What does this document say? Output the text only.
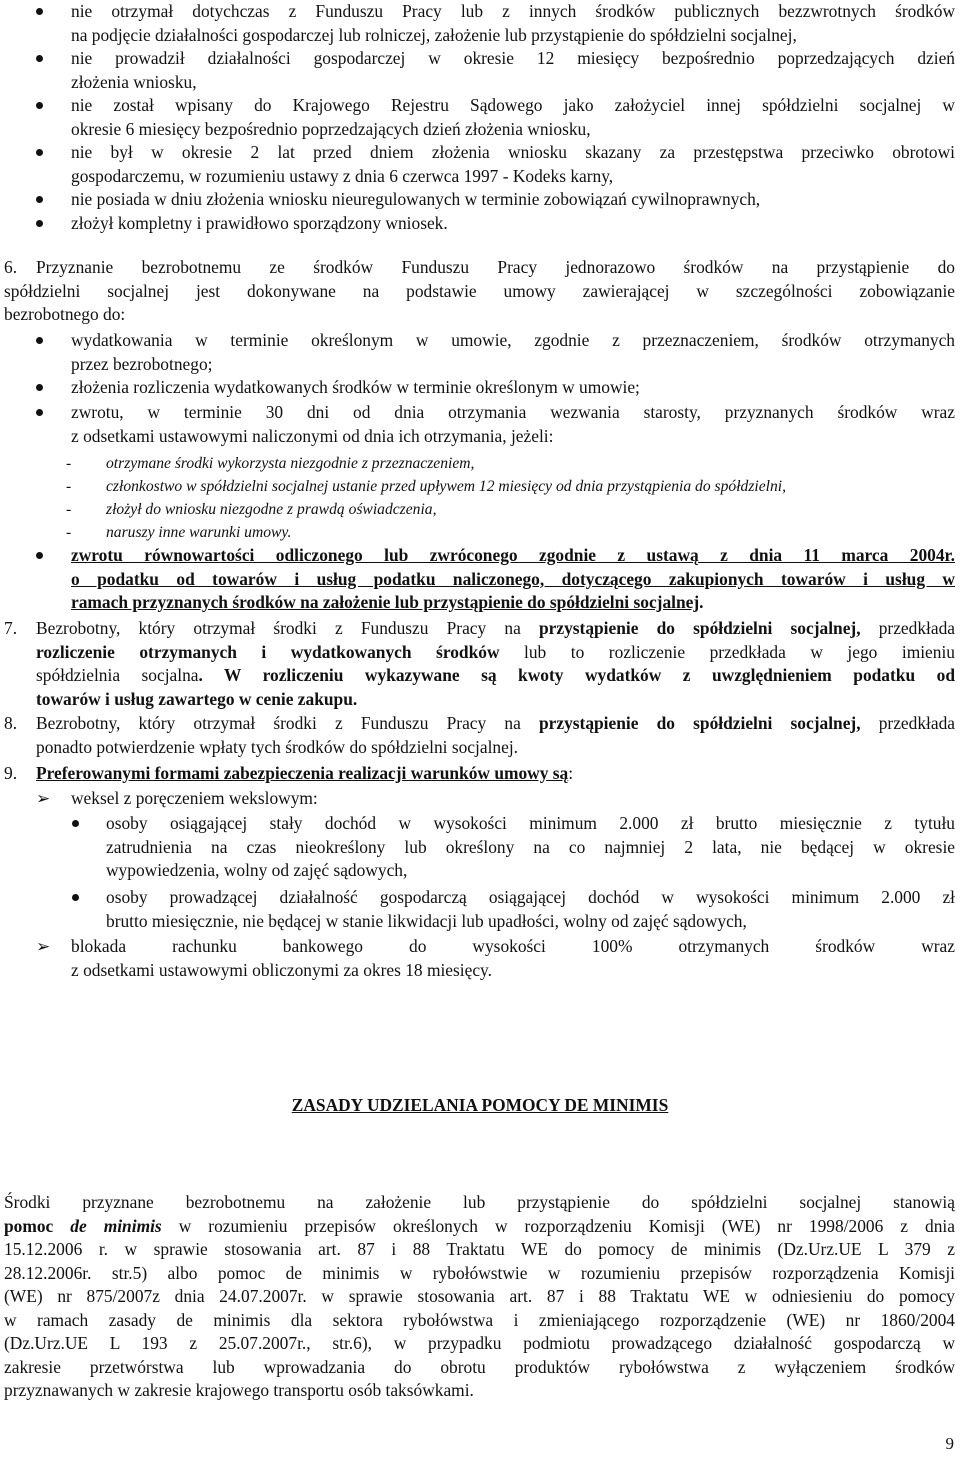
nie otrzymał dotychczas z Funduszu Pracy lub z innych środków publicznych bezzwrotnych środków
na podjęcie działalności gospodarczej lub rolniczej, założenie lub przystąpienie do spółdzielni socjalnej,
nie prowadził działalności gospodarczej w okresie 12 miesięcy bezpośrednio poprzedzających dzień
złożenia wniosku,
nie został wpisany do Krajowego Rejestru Sądowego jako założyciel innej spółdzielni socjalnej w
okresie 6 miesięcy bezpośrednio poprzedzających dzień złożenia wniosku,
nie był w okresie 2 lat przed dniem złożenia wniosku skazany za przestępstwa przeciwko obrotowi
gospodarczemu, w rozumieniu ustawy z dnia 6 czerwca 1997 - Kodeks karny,
nie posiada w dniu złożenia wniosku nieuregulowanych w terminie zobowiązań cywilnoprawnych,
złożył kompletny i prawidłowo sporządzony wniosek.
6. Przyznanie bezrobotnemu ze środków Funduszu Pracy jednorazowo środków na przystąpienie do
spółdzielni socjalnej jest dokonywane na podstawie umowy zawierającej w szczególności zobowiązanie
bezrobotnego do:
wydatkowania w terminie określonym w umowie, zgodnie z przeznaczeniem, środków otrzymanych
przez bezrobotnego;
złożenia rozliczenia wydatkowanych środków w terminie określonym w umowie;
zwrotu, w terminie 30 dni od dnia otrzymania wezwania starosty, przyznanych środków wraz
z odsetkami ustawowymi naliczonymi od dnia ich otrzymania, jeżeli:
- otrzymane środki wykorzysta niezgodnie z przeznaczeniem,
- członkostwo w spółdzielni socjalnej ustanie przed upływem 12 miesięcy od dnia przystąpienia do spółdzielni,
- złożył do wniosku niezgodne z prawdą oświadczenia,
- naruszy inne warunki umowy.
zwrotu równowartości odliczonego lub zwróconego zgodnie z ustawą z dnia 11 marca 2004r.
o podatku od towarów i usług podatku naliczonego, dotyczącego zakupionych towarów i usług w
ramach przyznanych środków na założenie lub przystąpienie do spółdzielni socjalnej.
7. Bezrobotny, który otrzymał środki z Funduszu Pracy na przystąpienie do spółdzielni socjalnej, przedkłada
rozliczenie otrzymanych i wydatkowanych środków lub to rozliczenie przedkłada w jego imieniu
spółdzielnia socjalna. W rozliczeniu wykazywane są kwoty wydatków z uwzględnieniem podatku od
towarów i usług zawartego w cenie zakupu.
8. Bezrobotny, który otrzymał środki z Funduszu Pracy na przystąpienie do spółdzielni socjalnej, przedkłada
ponadto potwierdzenie wpłaty tych środków do spółdzielni socjalnej.
9. Preferowanymi formami zabezpieczenia realizacji warunków umowy są:
➢ weksel z poręczeniem wekslowym:
osoby osiągającej stały dochód w wysokości minimum 2.000 zł brutto miesięcznie z tytułu
zatrudnienia na czas nieokreślony lub określony na co najmniej 2 lata, nie będącej w okresie
wypowiedzenia, wolny od zajęć sądowych,
osoby prowadzącej działalność gospodarczą osiągającej dochód w wysokości minimum 2.000 zł
brutto miesięcznie, nie będącej w stanie likwidacji lub upadłości, wolny od zajęć sądowych,
➢ blokada rachunku bankowego do wysokości 100% otrzymanych środków wraz
z odsetkami ustawowymi obliczonymi za okres 18 miesięcy.
ZASADY UDZIELANIA POMOCY DE MINIMIS
Środki przyznane bezrobotnemu na założenie lub przystąpienie do spółdzielni socjalnej stanowią
pomoc de minimis w rozumieniu przepisów określonych w rozporządzeniu Komisji (WE) nr 1998/2006 z dnia
15.12.2006 r. w sprawie stosowania art. 87 i 88 Traktatu WE do pomocy de minimis (Dz.Urz.UE L 379 z
28.12.2006r. str.5) albo pomoc de minimis w rybołówstwie w rozumieniu przepisów rozporządzenia Komisji
(WE) nr 875/2007z dnia 24.07.2007r. w sprawie stosowania art. 87 i 88 Traktatu WE w odniesieniu do pomocy
w ramach zasady de minimis dla sektora rybołówstwa i zmieniającego rozporządzenie (WE) nr 1860/2004
(Dz.Urz.UE L 193 z 25.07.2007r., str.6), w przypadku podmiotu prowadzącego działalność gospodarczą w
zakresie przetwórstwa lub wprowadzania do obrotu produktów rybołówstwa z wyłączeniem środków
przyznawanych w zakresie krajowego transportu osób taksówkami.
9
